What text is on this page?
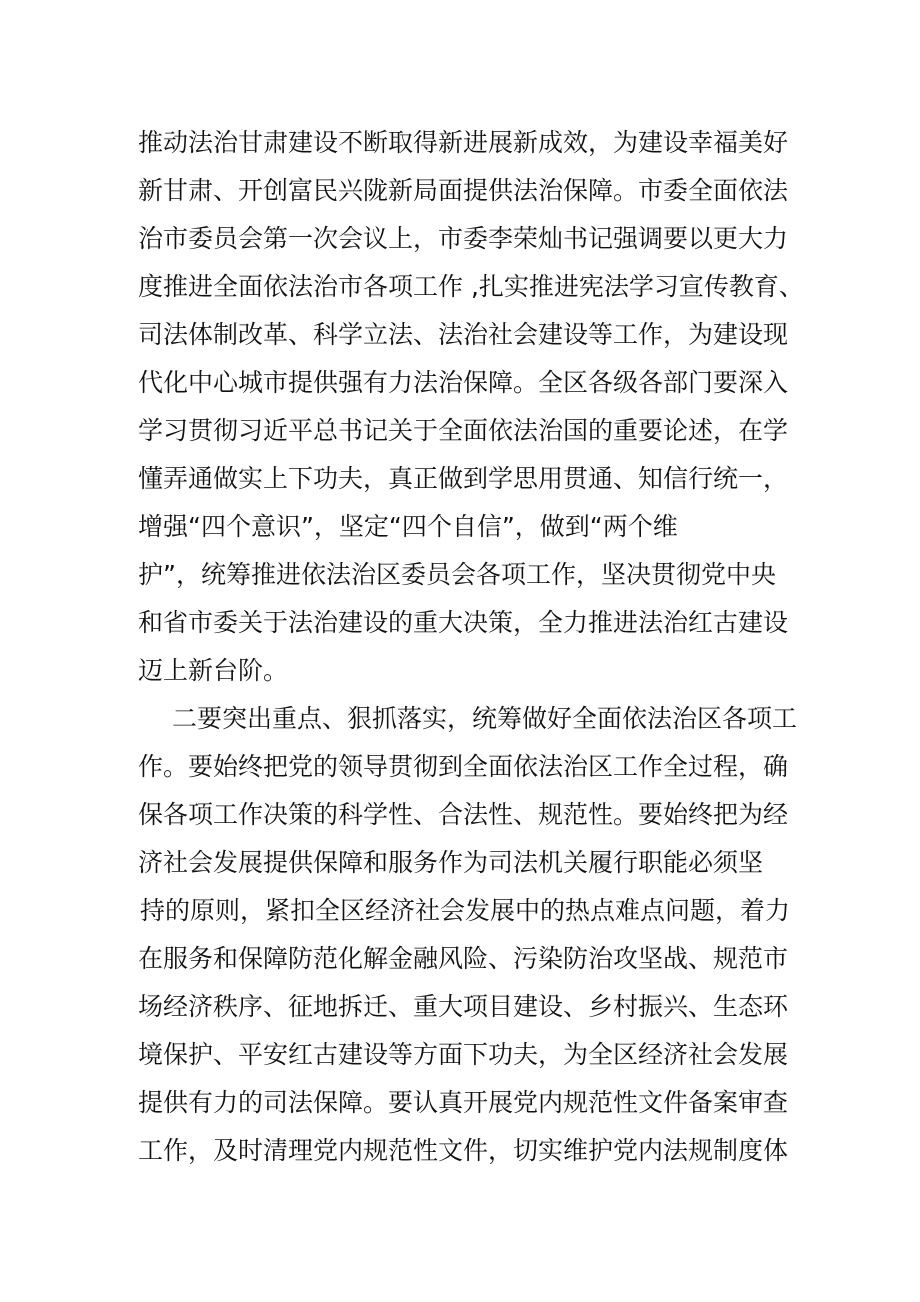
推动法治甘肃建设不断取得新进展新成效，为建设幸福美好
新甘肃、开创富民兴陇新局面提供法治保障。市委全面依法
治市委员会第一次会议上，市委李荣灿书记强调要以更大力
度推进全面依法治市各项工作 ,扎实推进宪法学习宣传教育、
司法体制改革、科学立法、法治社会建设等工作，为建设现
代化中心城市提供强有力法治保障。全区各级各部门要深入
学习贯彻习近平总书记关于全面依法治国的重要论述，在学
懂弄通做实上下功夫，真正做到学思用贯通、知信行统一，
增强“四个意识”，坚定“四个自信”，做到“两个维
护”，统筹推进依法治区委员会各项工作，坚决贯彻党中央
和省市委关于法治建设的重大决策，全力推进法治红古建设
迈上新台阶。
二要突出重点、狠抓落实，统筹做好全面依法治区各项工
作。要始终把党的领导贯彻到全面依法治区工作全过程，确
保各项工作决策的科学性、合法性、规范性。要始终把为经
济社会发展提供保障和服务作为司法机关履行职能必须坚
持的原则，紧扣全区经济社会发展中的热点难点问题，着力
在服务和保障防范化解金融风险、污染防治攻坚战、规范市
场经济秩序、征地拆迁、重大项目建设、乡村振兴、生态环
境保护、平安红古建设等方面下功夫，为全区经济社会发展
提供有力的司法保障。要认真开展党内规范性文件备案审查
工作，及时清理党内规范性文件，切实维护党内法规制度体
